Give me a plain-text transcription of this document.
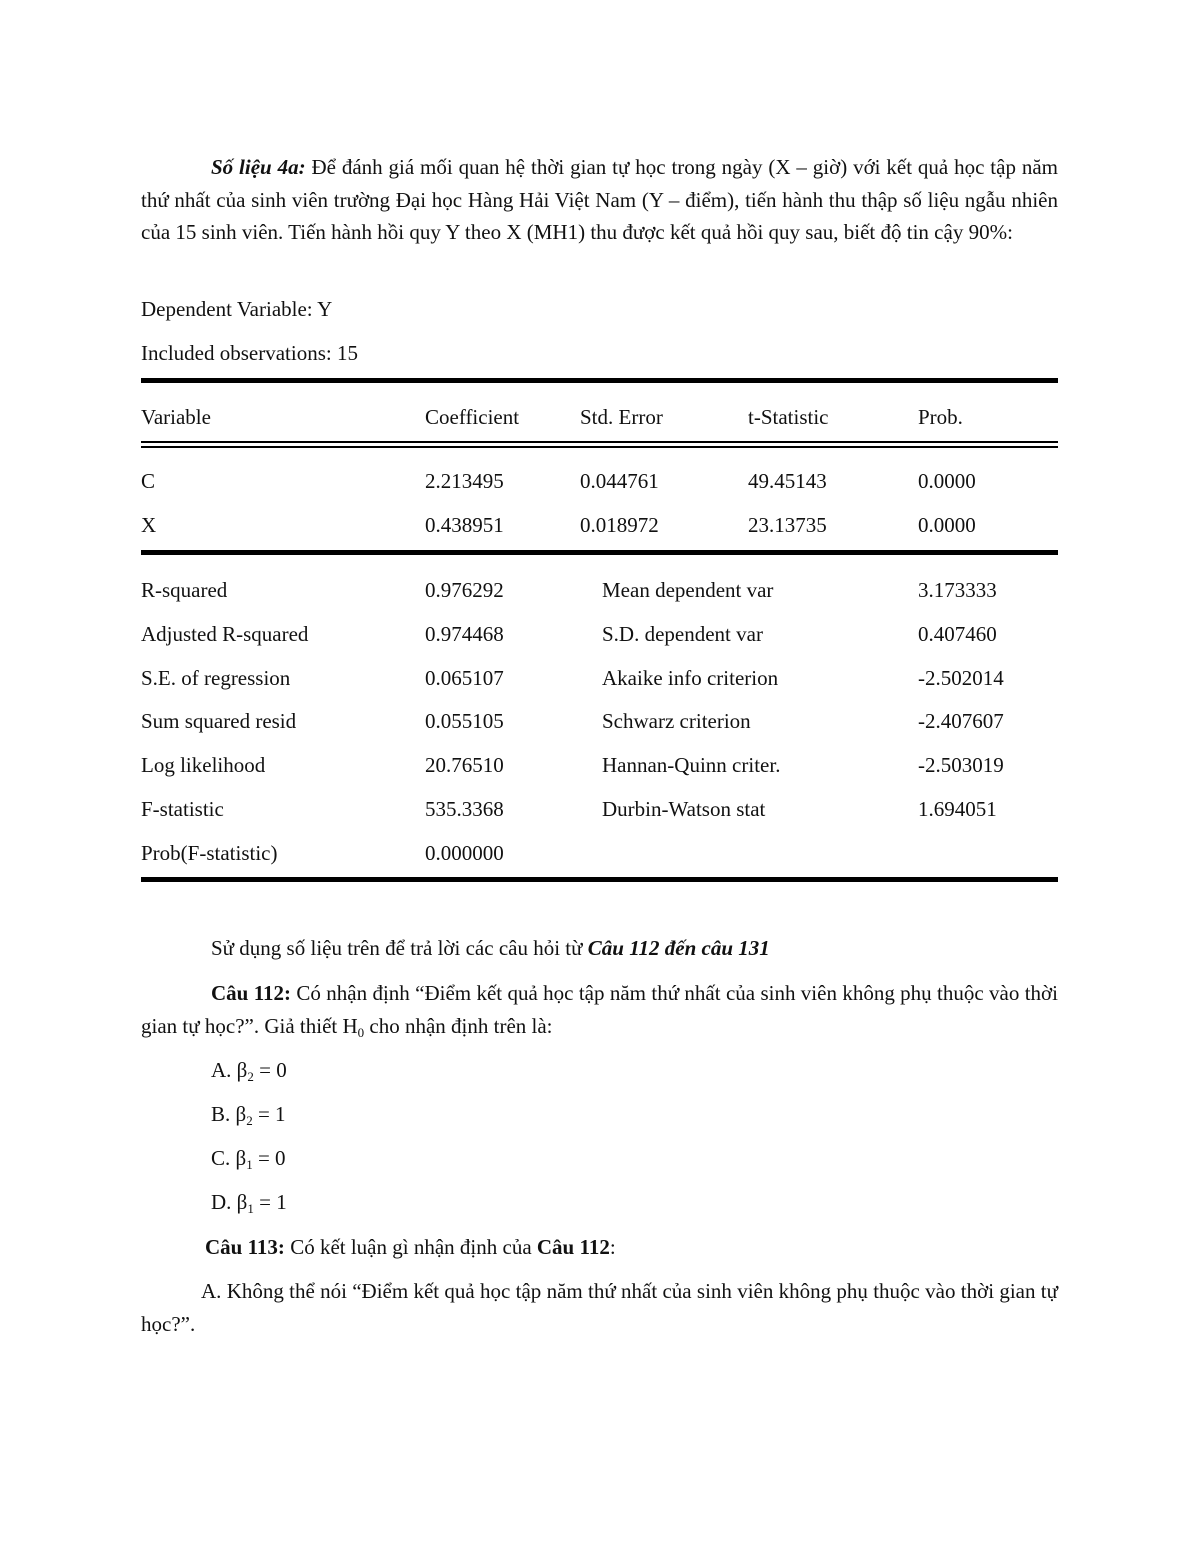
Số liệu 4a: Để đánh giá mối quan hệ thời gian tự học trong ngày (X – giờ) với kết quả học tập năm thứ nhất của sinh viên trường Đại học Hàng Hải Việt Nam (Y – điểm), tiến hành thu thập số liệu ngẫu nhiên của 15 sinh viên. Tiến hành hồi quy Y theo X (MH1) thu được kết quả hồi quy sau, biết độ tin cậy 90%:

Dependent Variable: Y
Included observations: 15
Variable	Coefficient	Std. Error	t-Statistic	Prob.
C	2.213495	0.044761	49.45143	0.0000
X	0.438951	0.018972	23.13735	0.0000
R-squared	0.976292	Mean dependent var	3.173333
Adjusted R-squared	0.974468	S.D. dependent var	0.407460
S.E. of regression	0.065107	Akaike info criterion	-2.502014
Sum squared resid	0.055105	Schwarz criterion	-2.407607
Log likelihood	20.76510	Hannan-Quinn criter.	-2.503019
F-statistic	535.3368	Durbin-Watson stat	1.694051
Prob(F-statistic)	0.000000
Sử dụng số liệu trên để trả lời các câu hỏi từ Câu 112 đến câu 131

Câu 112: Có nhận định “Điểm kết quả học tập năm thứ nhất của sinh viên không phụ thuộc vào thời gian tự học?”. Giả thiết $H_0$ cho nhận định trên là:

A. $\beta_2 = 0$
B. $\beta_2 = 1$
C. $\beta_1 = 0$
D. $\beta_1 = 1$
Câu 113: Có kết luận gì nhận định của Câu 112:

A. Không thể nói “Điểm kết quả học tập năm thứ nhất của sinh viên không phụ thuộc vào thời gian tự học?”.
